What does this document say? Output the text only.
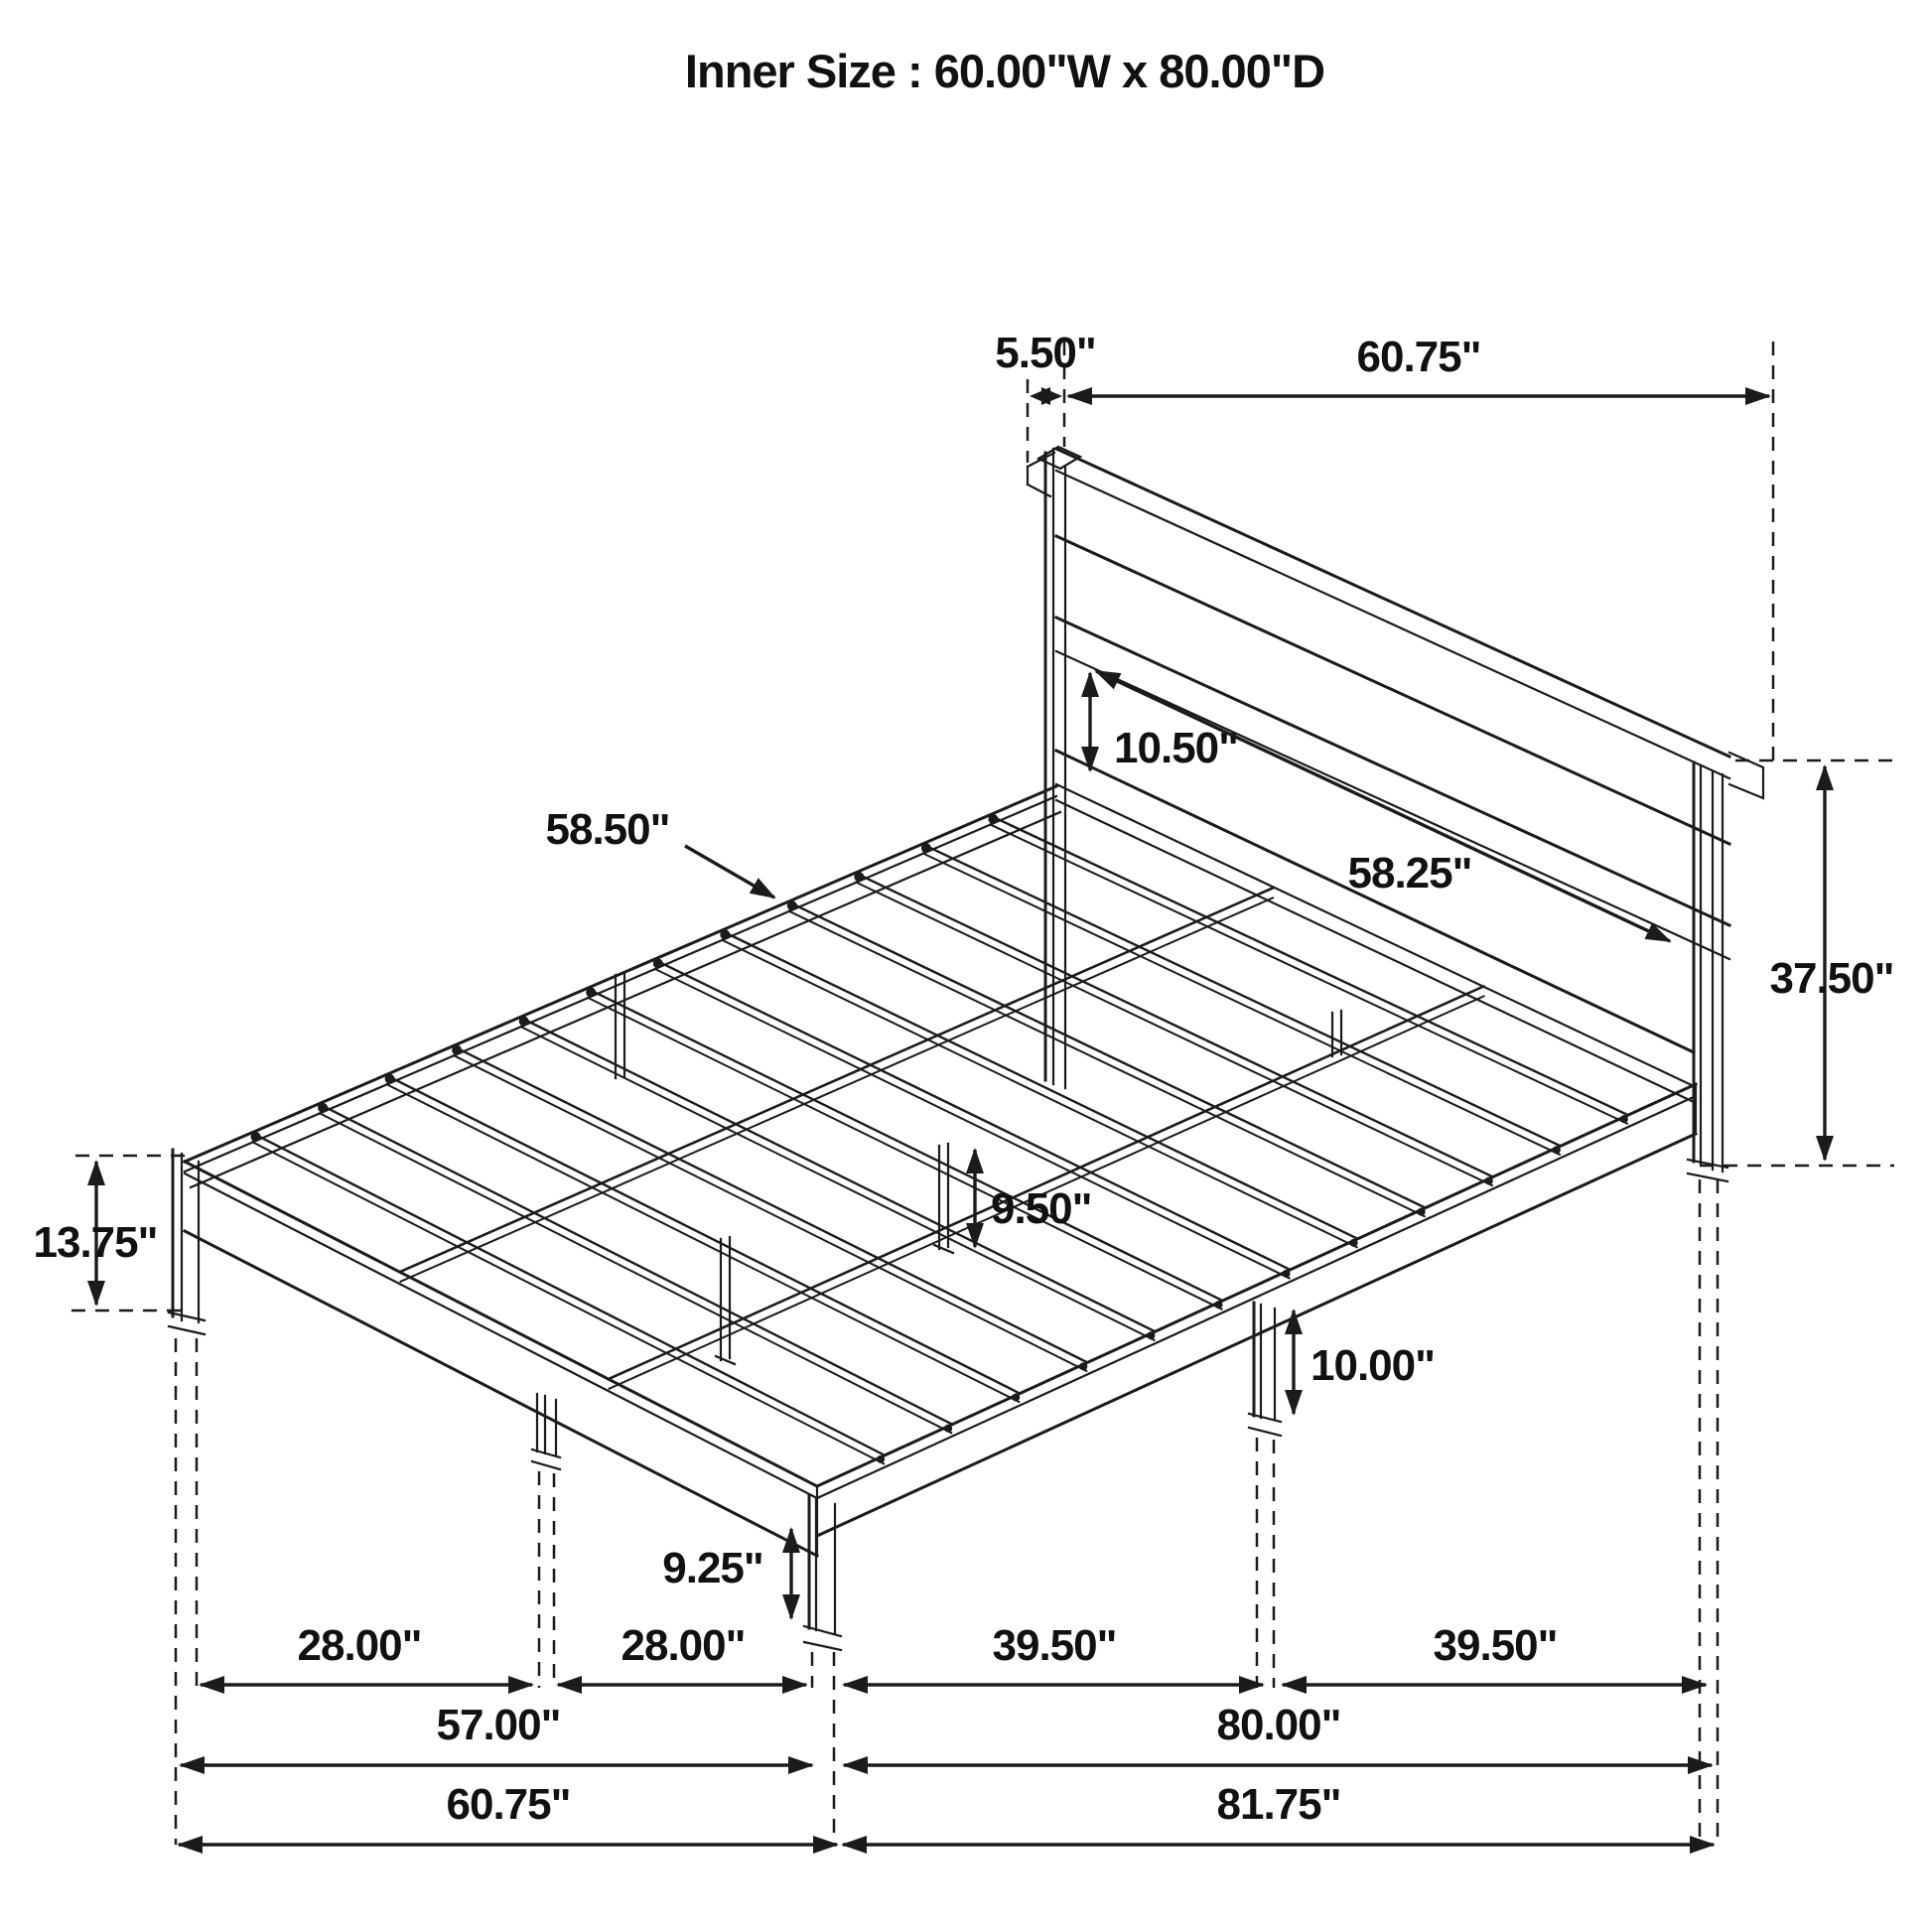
Inner Size : 60.00"W x 80.00"D
5.50"	60.75"
10.50"
58.25"
58.50"
37.50"
13.75"
9.50"
10.00"
9.25"
28.00"	28.00"	39.50"	39.50"
57.00"	80.00"
60.75"	81.75"
